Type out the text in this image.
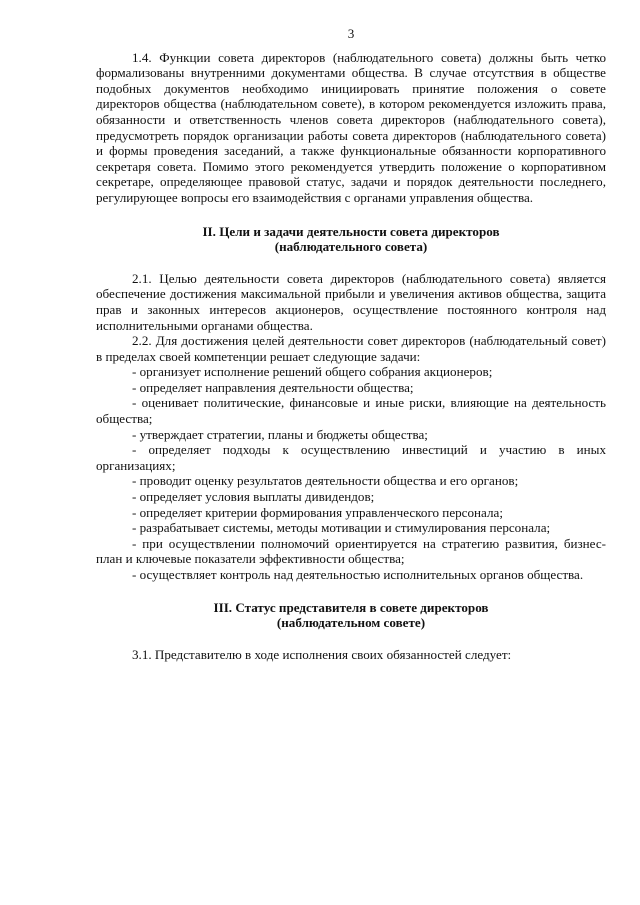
3

1.4. Функции совета директоров (наблюдательного совета) должны быть четко формализованы внутренними документами общества. В случае отсутствия в обществе подобных документов необходимо инициировать принятие положения о совете директоров общества (наблюдательном совете), в котором рекомендуется изложить права, обязанности и ответственность членов совета директоров (наблюдательного совета), предусмотреть порядок организации работы совета директоров (наблюдательного совета) и формы проведения заседаний, а также функциональные обязанности корпоративного секретаря совета. Помимо этого рекомендуется утвердить положение о корпоративном секретаре, определяющее правовой статус, задачи и порядок деятельности последнего, регулирующее вопросы его взаимодействия с органами управления общества.

II. Цели и задачи деятельности совета директоров
(наблюдательного совета)

2.1. Целью деятельности совета директоров (наблюдательного совета) является обеспечение достижения максимальной прибыли и увеличения активов общества, защита прав и законных интересов акционеров, осуществление постоянного контроля над исполнительными органами общества.

2.2. Для достижения целей деятельности совет директоров (наблюдательный совет) в пределах своей компетенции решает следующие задачи:

- организует исполнение решений общего собрания акционеров;

- определяет направления деятельности общества;

- оценивает политические, финансовые и иные риски, влияющие на деятельность общества;

- утверждает стратегии, планы и бюджеты общества;

- определяет подходы к осуществлению инвестиций и участию в иных организациях;

- проводит оценку результатов деятельности общества и его органов;

- определяет условия выплаты дивидендов;

- определяет критерии формирования управленческого персонала;

- разрабатывает системы, методы мотивации и стимулирования персонала;

- при осуществлении полномочий ориентируется на стратегию развития, бизнес-план и ключевые показатели эффективности общества;

- осуществляет контроль над деятельностью исполнительных органов общества.

III. Статус представителя в совете директоров
(наблюдательном совете)

3.1. Представителю в ходе исполнения своих обязанностей следует:
